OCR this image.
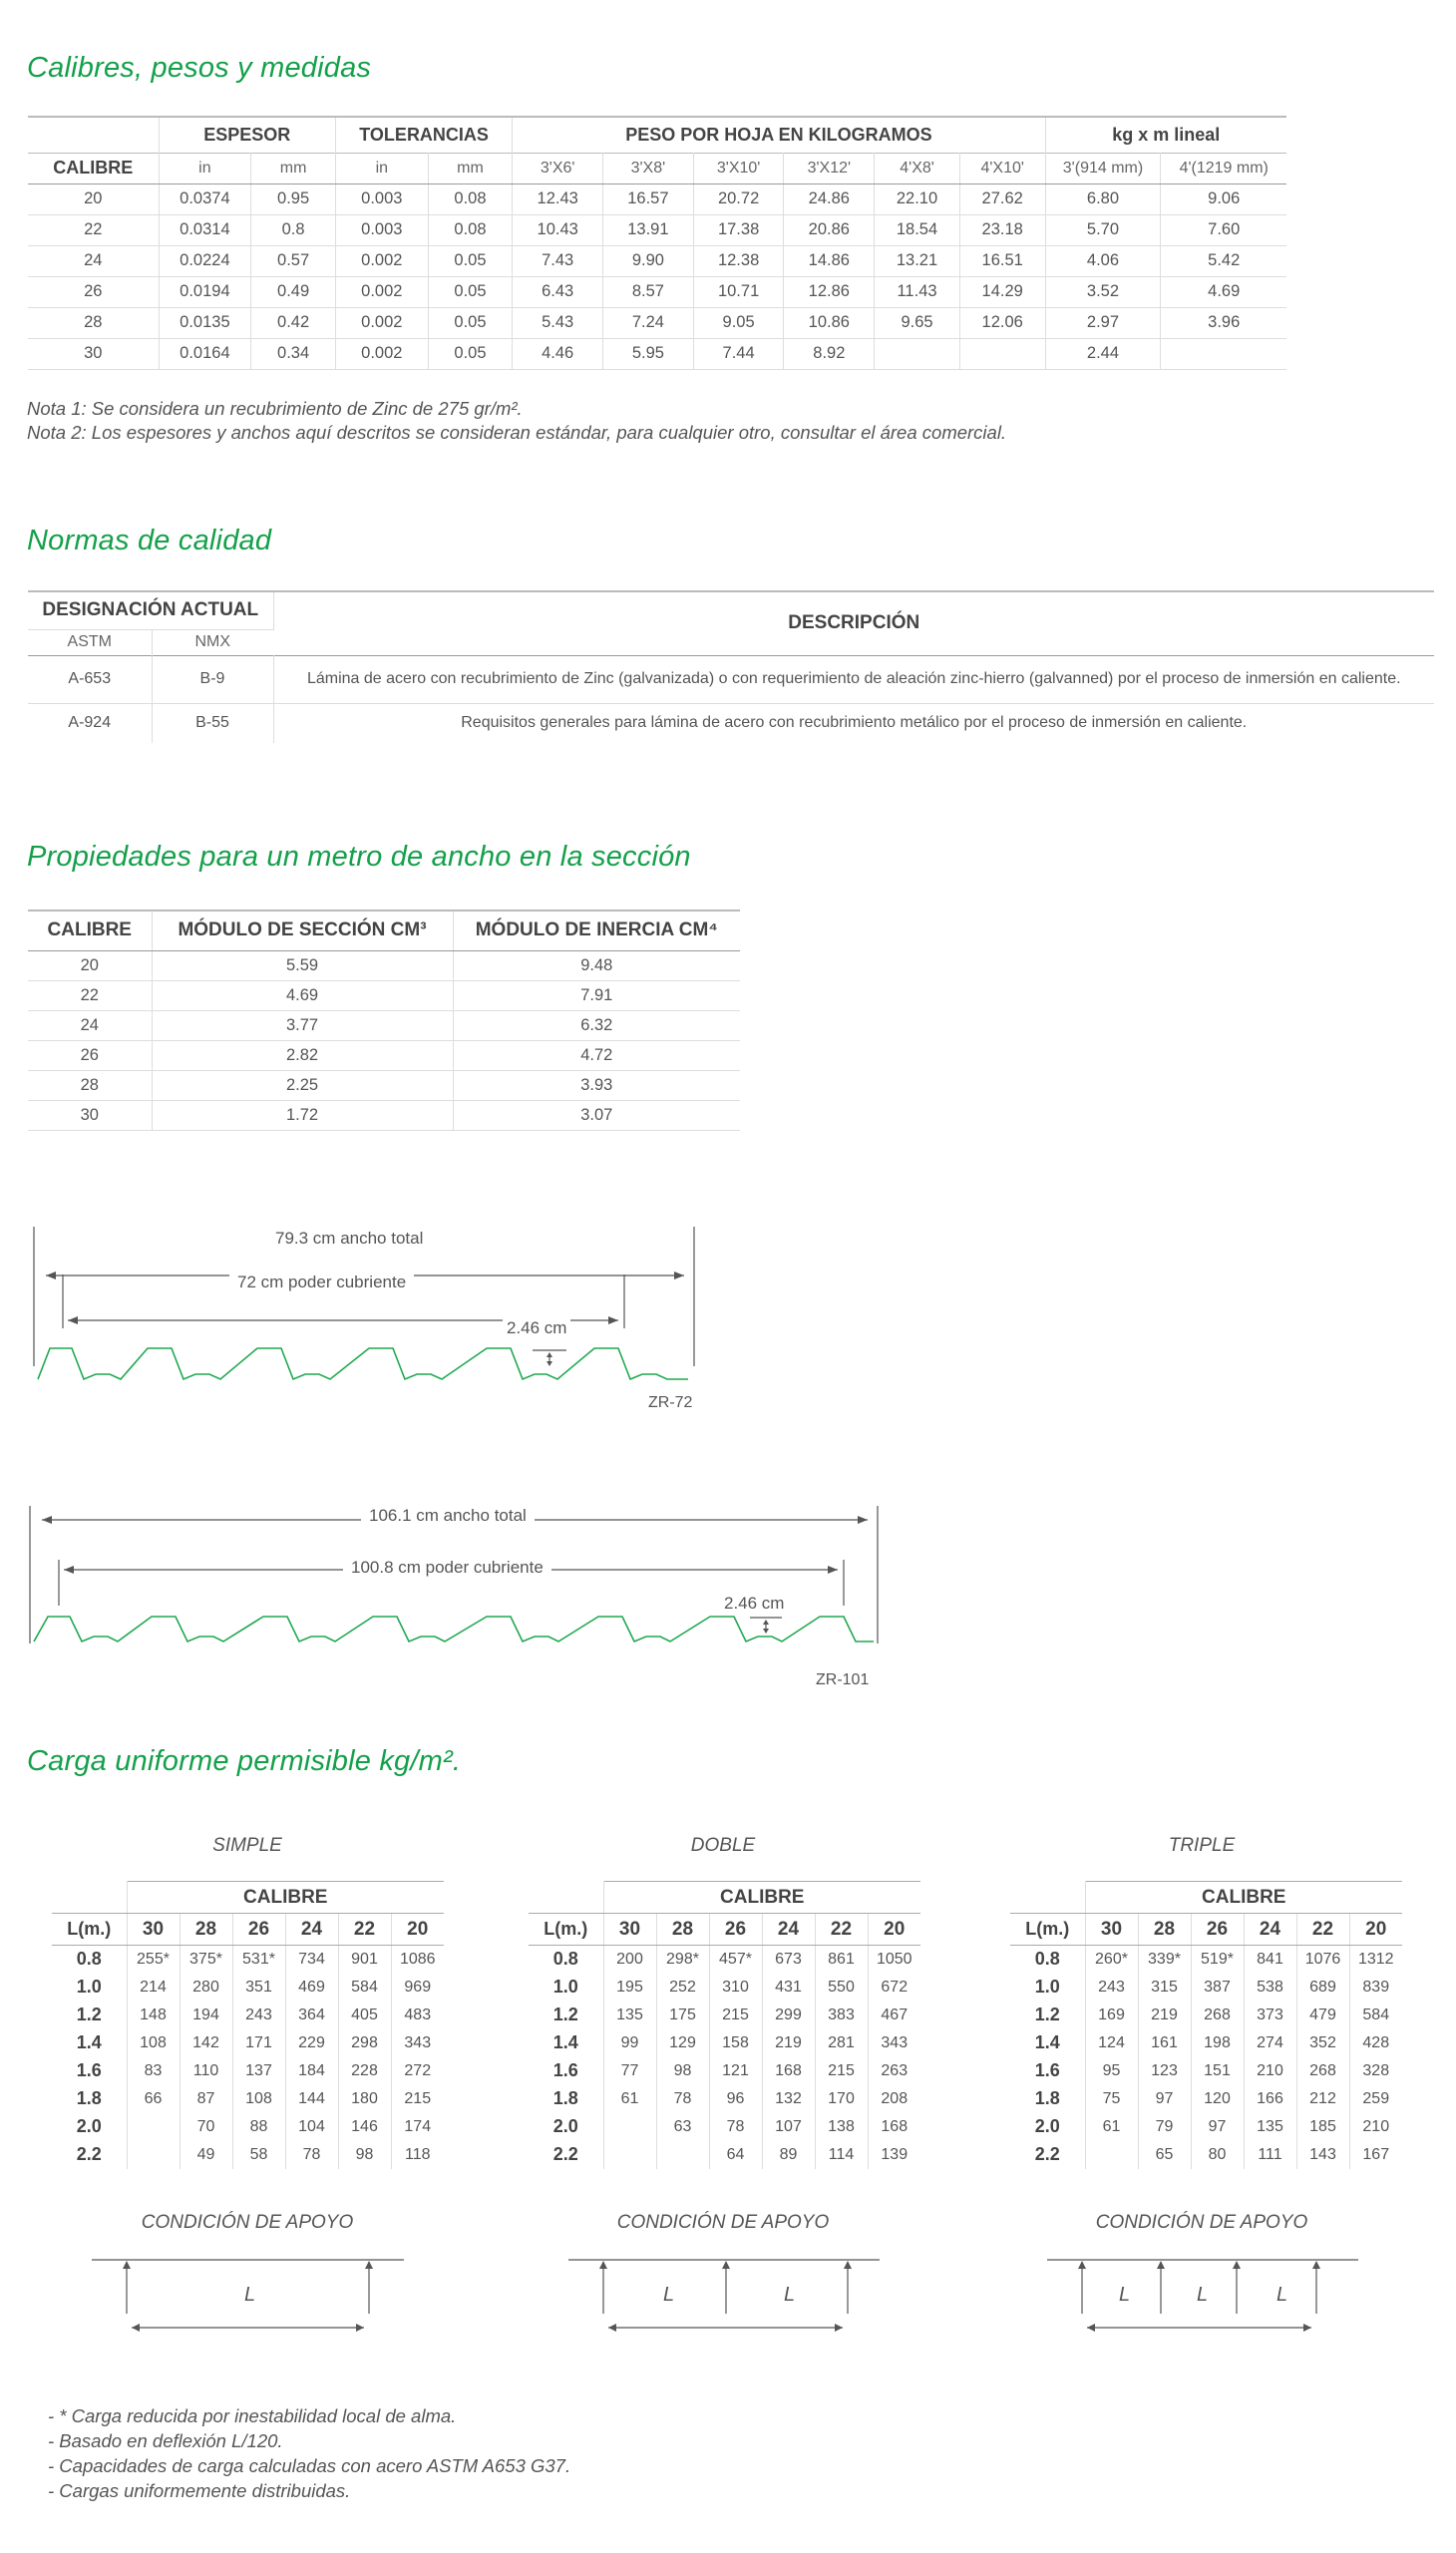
Calibres, pesos y medidas
	ESPESOR		TOLERANCIAS		PESO POR HOJA EN KILOGRAMOS						kg x m lineal	
CALIBRE	in	mm	in	mm	3'X6'	3'X8'	3'X10'	3'X12'	4'X8'	4'X10'	3'(914 mm)	4'(1219 mm)
20	0.0374	0.95	0.003	0.08	12.43	16.57	20.72	24.86	22.10	27.62	6.80	9.06
22	0.0314	0.8	0.003	0.08	10.43	13.91	17.38	20.86	18.54	23.18	5.70	7.60
24	0.0224	0.57	0.002	0.05	7.43	9.90	12.38	14.86	13.21	16.51	4.06	5.42
26	0.0194	0.49	0.002	0.05	6.43	8.57	10.71	12.86	11.43	14.29	3.52	4.69
28	0.0135	0.42	0.002	0.05	5.43	7.24	9.05	10.86	9.65	12.06	2.97	3.96
30	0.0164	0.34	0.002	0.05	4.46	5.95	7.44	8.92			2.44	
Nota 1: Se considera un recubrimiento de Zinc de 275 gr/m².
Nota 2: Los espesores y anchos aquí descritos se consideran estándar, para cualquier otro, consultar el área comercial.
Normas de calidad
DESIGNACIÓN ACTUAL		DESCRIPCIÓN
ASTM	NMX	
A-653	B-9	Lámina de acero con recubrimiento de Zinc (galvanizada) o con requerimiento de aleación zinc-hierro (galvanned) por el proceso de inmersión en caliente.
A-924	B-55	Requisitos generales para lámina de acero con recubrimiento metálico por el proceso de inmersión en caliente.
Propiedades para un metro de ancho en la sección
CALIBRE	MÓDULO DE SECCIÓN CM³	MÓDULO DE INERCIA CM⁴
20	5.59	9.48
22	4.69	7.91
24	3.77	6.32
26	2.82	4.72
28	2.25	3.93
30	1.72	3.07
79.3 cm ancho total
72 cm poder cubriente
2.46 cm
ZR-72
106.1 cm ancho total
100.8 cm poder cubriente
2.46 cm
ZR-101
Carga uniforme permisible kg/m².
SIMPLE
	CALIBRE					
L(m.)	30	28	26	24	22	20
0.8	255*	375*	531*	734	901	1086
1.0	214	280	351	469	584	969
1.2	148	194	243	364	405	483
1.4	108	142	171	229	298	343
1.6	83	110	137	184	228	272
1.8	66	87	108	144	180	215
2.0		70	88	104	146	174
2.2		49	58	78	98	118
CONDICIÓN DE APOYO
DOBLE
	CALIBRE					
L(m.)	30	28	26	24	22	20
0.8	200	298*	457*	673	861	1050
1.0	195	252	310	431	550	672
1.2	135	175	215	299	383	467
1.4	99	129	158	219	281	343
1.6	77	98	121	168	215	263
1.8	61	78	96	132	170	208
2.0		63	78	107	138	168
2.2			64	89	114	139
CONDICIÓN DE APOYO
TRIPLE
	CALIBRE					
L(m.)	30	28	26	24	22	20
0.8	260*	339*	519*	841	1076	1312
1.0	243	315	387	538	689	839
1.2	169	219	268	373	479	584
1.4	124	161	198	274	352	428
1.6	95	123	151	210	268	328
1.8	75	97	120	166	212	259
2.0	61	79	97	135	185	210
2.2		65	80	111	143	167
CONDICIÓN DE APOYO
L	L	L	L	L	L
- * Carga reducida por inestabilidad local de alma.
- Basado en deflexión L/120.
- Capacidades de carga calculadas con acero ASTM A653 G37.
- Cargas uniformemente distribuidas.
